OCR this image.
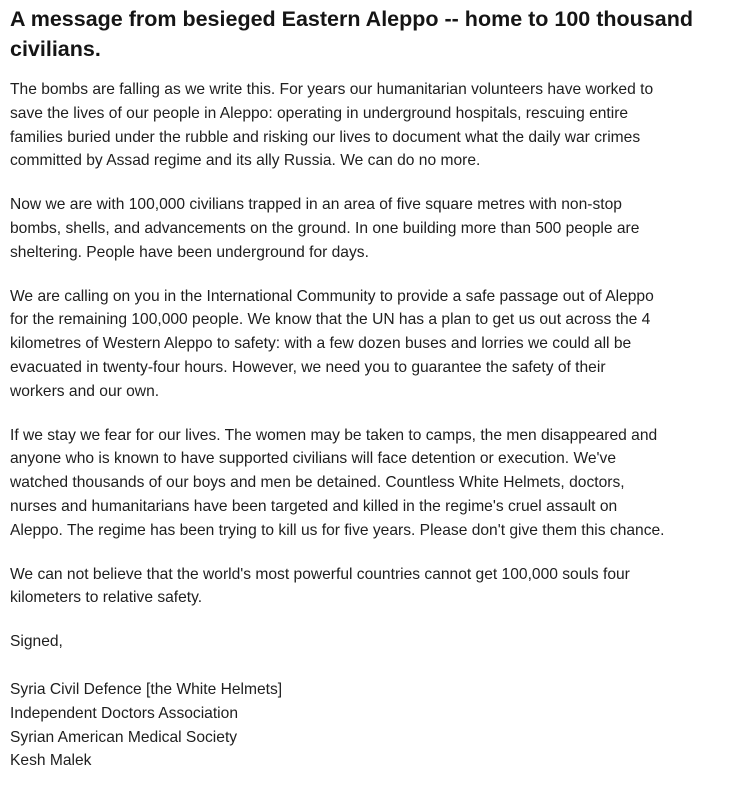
A message from besieged Eastern Aleppo -- home to 100 thousand
civilians.

The bombs are falling as we write this. For years our humanitarian volunteers have worked to
save the lives of our people in Aleppo: operating in underground hospitals, rescuing entire
families buried under the rubble and risking our lives to document what the daily war crimes
committed by Assad regime and its ally Russia. We can do no more.

Now we are with 100,000 civilians trapped in an area of five square metres with non-stop
bombs, shells, and advancements on the ground. In one building more than 500 people are
sheltering. People have been underground for days.

We are calling on you in the International Community to provide a safe passage out of Aleppo
for the remaining 100,000 people. We know that the UN has a plan to get us out across the 4
kilometres of Western Aleppo to safety: with a few dozen buses and lorries we could all be
evacuated in twenty-four hours. However, we need you to guarantee the safety of their
workers and our own.

If we stay we fear for our lives. The women may be taken to camps, the men disappeared and
anyone who is known to have supported civilians will face detention or execution. We've
watched thousands of our boys and men be detained. Countless White Helmets, doctors,
nurses and humanitarians have been targeted and killed in the regime's cruel assault on
Aleppo. The regime has been trying to kill us for five years. Please don't give them this chance.

We can not believe that the world's most powerful countries cannot get 100,000 souls four
kilometers to relative safety.

Signed,

Syria Civil Defence [the White Helmets]
Independent Doctors Association
Syrian American Medical Society
Kesh Malek
